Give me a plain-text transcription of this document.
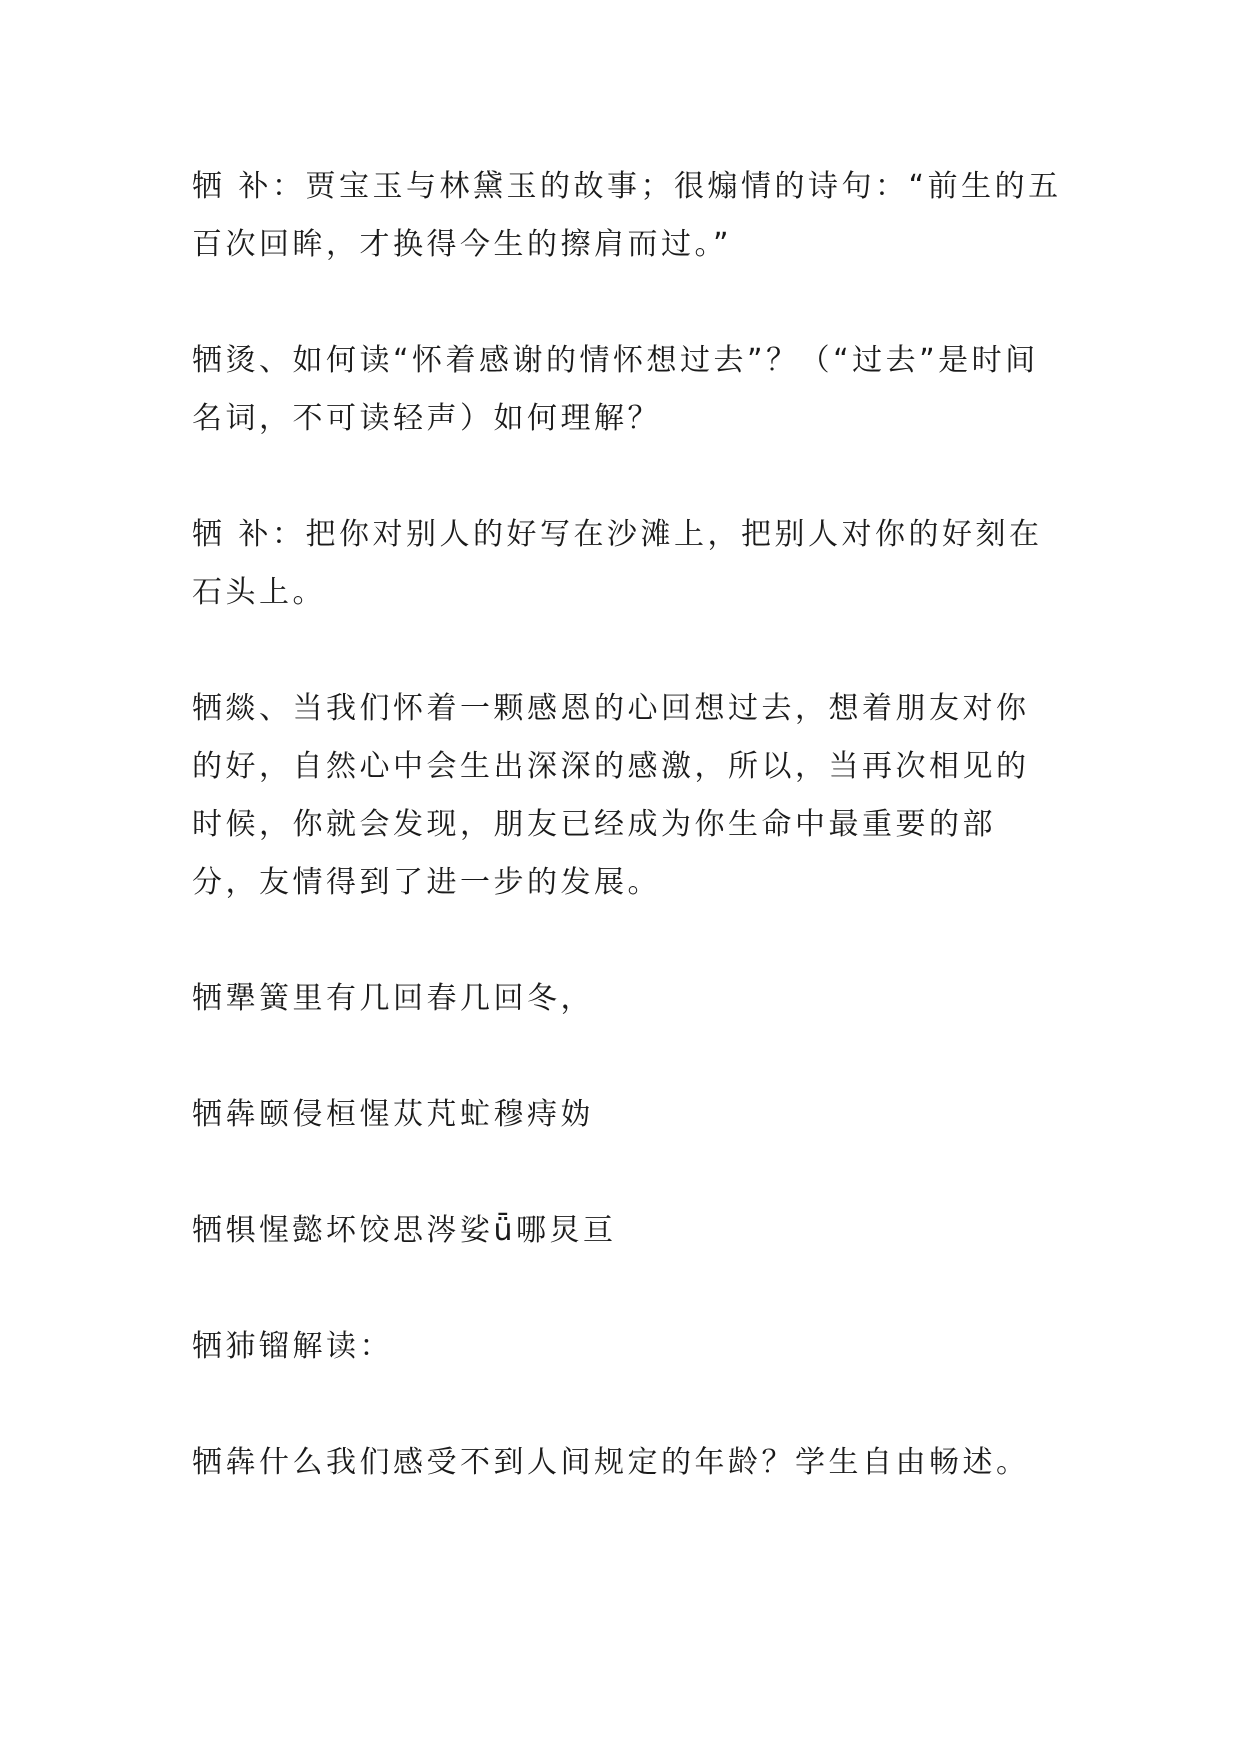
牺 补：贾宝玉与林黛玉的故事；很煽情的诗句：“前生的五百次回眸，才换得今生的擦肩而过。”

牺烫、如何读“怀着感谢的情怀想过去”？（“过去”是时间名词，不可读轻声）如何理解？

牺 补：把你对别人的好写在沙滩上，把别人对你的好刻在石头上。

牺燚、当我们怀着一颗感恩的心回想过去，想着朋友对你的好，自然心中会生出深深的感激，所以，当再次相见的时候，你就会发现，朋友已经成为你生命中最重要的部分，友情得到了进一步的发展。

牺犟簧里有几回春几回冬，

牺犇颐侵桓惺苁芃虻穆痔妫

牺犋惺懿坏饺思涔娑ǖ哪炅亘

牺犻镏解读：

牺犇什么我们感受不到人间规定的年龄？学生自由畅述。
